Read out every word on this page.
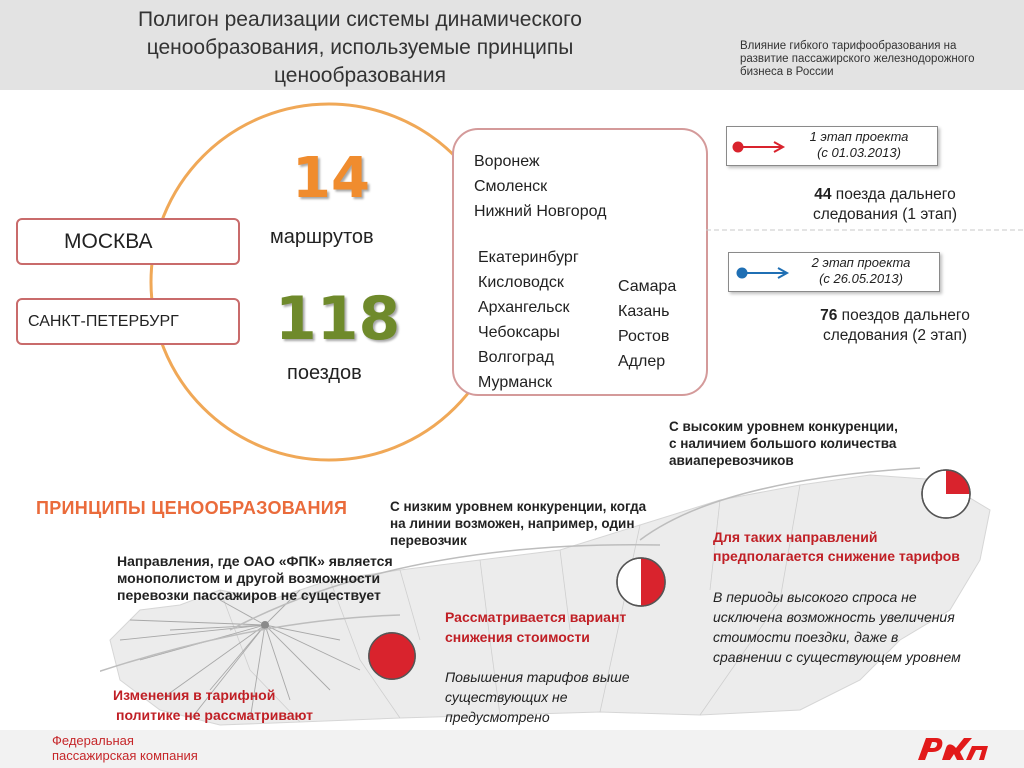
Полигон реализации системы динамического
ценообразования, используемые принципы
ценообразования
Влияние гибкого тарифообразования на
развитие пассажирского железнодорожного
бизнеса в России
МОСКВА
САНКТ-ПЕТЕРБУРГ
14
маршрутов
118
поездов
Воронеж
Смоленск
Нижний Новгород
Екатеринбург
Кисловодск
Архангельск
Чебоксары
Волгоград
Мурманск
Самара
Казань
Ростов
Адлер
1 этап проекта
(с 01.03.2013)
44 поезда дальнего
следования (1 этап)
2 этап проекта
(с 26.05.2013)
76 поездов дальнего
следования (2 этап)
ПРИНЦИПЫ ЦЕНООБРАЗОВАНИЯ
С высоким уровнем конкуренции,
с наличием большого количества
авиаперевозчиков
С низким уровнем конкуренции, когда
на линии возможен, например, один
перевозчик	Для таких направлений
предполагается снижение тарифов
В периоды высокого спроса не
исключена возможность увеличения
стоимости поездки, даже в
сравнении с существующем уровнем
Направления, где ОАО «ФПК» является
монополистом и другой возможности
перевозки пассажиров не существует
Рассматривается вариант
снижения стоимости
Повышения тарифов выше
существующих не
предусмотрено
Изменения в тарифной
политике не рассматривают
Федеральная
пассажирская компания	РЖД
